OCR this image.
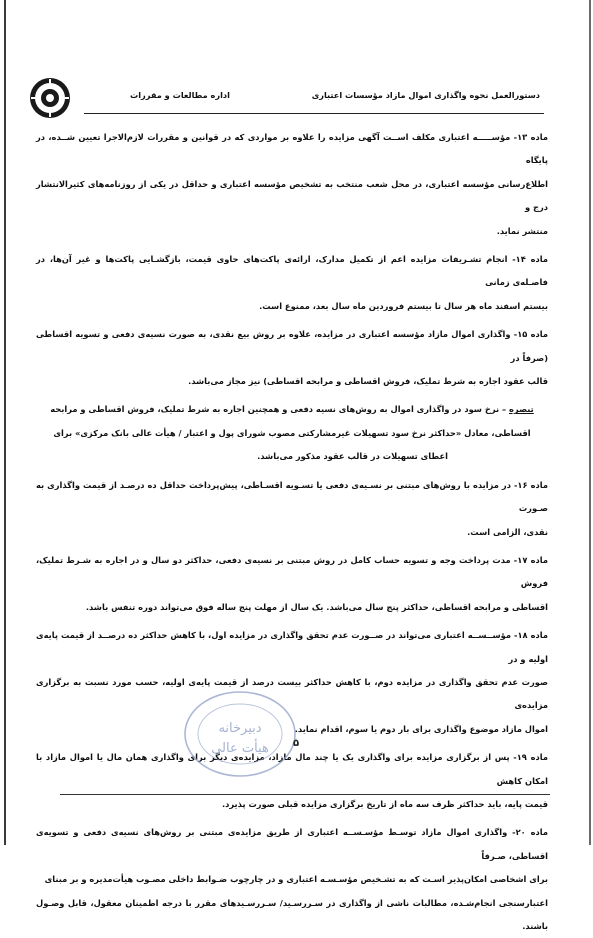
دستورالعمل نحوه واگذاری اموال مازاد مؤسسات اعتباری
اداره مطالعات و مقررات
ماده ۱۳- مؤســـــه اعتباری مکلف اســت آگهی مزایده را علاوه بر مواردی که در قوانین و مقررات لازم‌الاجرا تعیین شــده، در پایگاه
اطلاع‌رسانی مؤسسه اعتباری، در محل شعب منتخب به تشخیص مؤسسه اعتباری و حداقل در یکی از روزنامه‌های کثیرالانتشار درج و
منتشر نماید.
ماده ۱۴- انجام تشـریفات مزایده اعم از تکمیل مدارک، ارائه‌ی پاکت‌های حاوی قیمت، بازگشـایی پاکت‌ها و غیر آن‌ها، در فاصـله‌ی زمانی
بیستم اسفند ماه هر سال تا بیستم فروردین ماه سال بعد، ممنوع است.
ماده ۱۵- واگذاری اموال مازاد مؤسسه اعتباری در مزایده، علاوه بر روش بیع نقدی، به صورت نسیه‌ی دفعی و تسویه اقساطی (صرفاً در
قالب عقود اجاره به شرط تملیک، فروش اقساطی و مرابحه اقساطی) نیز مجاز می‌باشد.
تبصره – نرخ سود در واگذاری اموال به روش‌های نسیه دفعی و همچنین اجاره به شرط تملیک، فروش اقساطی و مرابحه
اقساطی، معادل «حداکثر نرخ سود تسهیلات غیرمشارکتی مصوب شورای پول و اعتبار / هیأت عالی بانک مرکزی» برای
اعطای تسهیلات در قالب عقود مذکور می‌باشد.
ماده ۱۶- در مزایده با روش‌های مبتنی بر نسـیه‌ی دفعی یا تسـویه اقسـاطی، پیش‌پرداخت حداقل ده درصـد از قیمت واگذاری به صـورت
نقدی، الزامی است.
ماده ۱۷- مدت پرداخت وجه و تسویه حساب کامل در روش مبتنی بر نسیه‌ی دفعی، حداکثر دو سال و در اجاره به شـرط تملیک، فروش
اقساطی و مرابحه اقساطی، حداکثر پنج سال می‌باشد. یک سال از مهلت پنج ساله فوق می‌تواند دوره تنفس باشد.
ماده ۱۸- مؤســســه اعتباری می‌تواند در صــورت عدم تحقق واگذاری در مزایده اول، با کاهش حداکثر ده درصــد از قیمت پایه‌ی اولیه و در
صورت عدم تحقق واگذاری در مزایده دوم، با کاهش حداکثر بیست درصد از قیمت پایه‌ی اولیه، حسب مورد نسبت به برگزاری مزایده‌ی
اموال مازاد موضوع واگذاری برای بار دوم یا سوم، اقدام نماید.
ماده ۱۹- پس از برگزاری مزایده برای واگذاری یک یا چند مال مازاد، مزایده‌ی دیگر برای واگذاری همان مال یا اموال مازاد با امکان کاهش
قیمت پایه، باید حداکثر ظرف سه ماه از تاریخ برگزاری مزایده قبلی صورت پذیرد.
ماده ۲۰- واگذاری اموال مازاد توسـط مؤسـســه اعتباری از طریق مزایده‌ی مبتنی بر روش‌های نسیه‌ی دفعی و تسویه‌ی اقساطی، صـرفاً
برای اشخاصی امکان‌پذیر اسـت که به تشـخیص مؤسـسـه اعتباری و در چارچوب ضـوابط داخلی مصـوب هیأت‌مدیره و بر مبنای
اعتبارسنجی انجام‌شـده، مطالبات ناشی از واگذاری در سـررسـید/ سـررسـیدهای مقرر با درجه اطمینان معقول، قابل وصـول باشند.
دبیرخانه
هیأت عالی ۵
